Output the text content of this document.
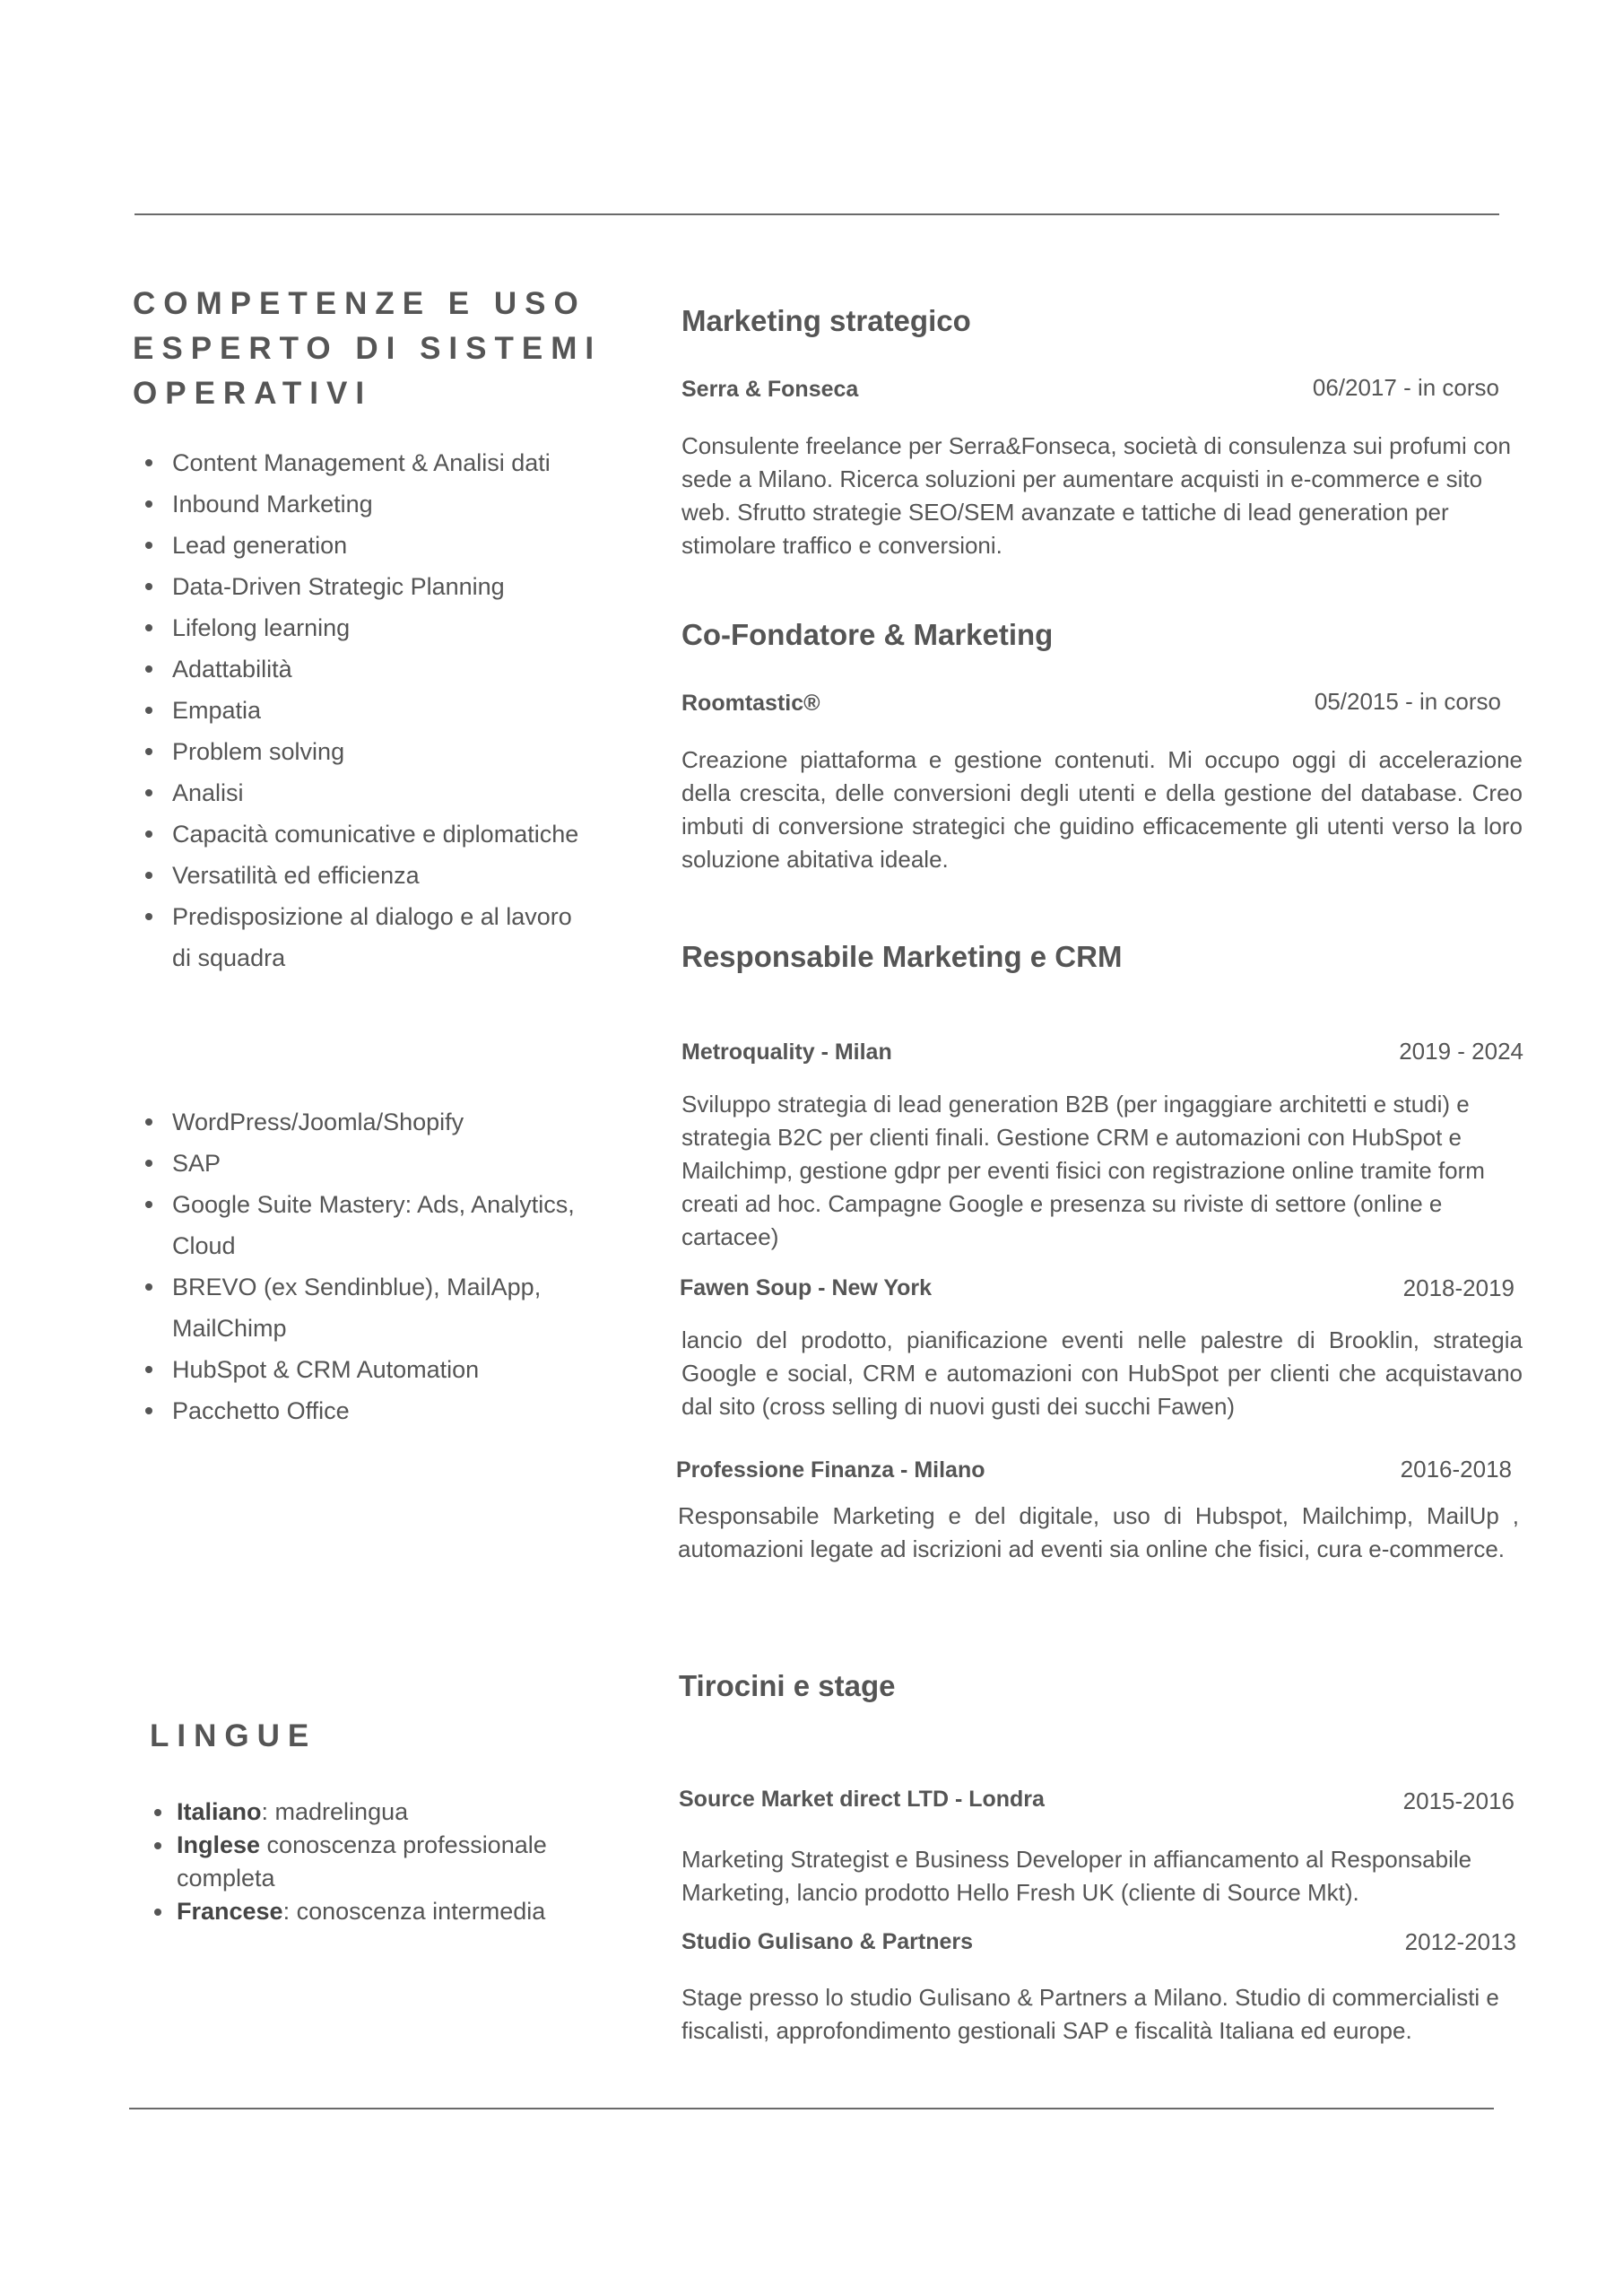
COMPETENZE E USO ESPERTO DI SISTEMI OPERATIVI
Content Management & Analisi dati
Inbound Marketing
Lead generation
Data-Driven Strategic Planning
Lifelong learning
Adattabilità
Empatia
Problem solving
Analisi
Capacità comunicative e diplomatiche
Versatilità ed efficienza
Predisposizione al dialogo e al lavoro di squadra
WordPress/Joomla/Shopify
SAP
Google Suite Mastery: Ads, Analytics, Cloud
BREVO (ex Sendinblue), MailApp, MailChimp
HubSpot & CRM Automation
Pacchetto Office
LINGUE
Italiano: madrelingua
Inglese conoscenza professionale completa
Francese: conoscenza intermedia
Marketing strategico

Serra & Fonseca	06/2017 - in corso

Consulente freelance per Serra&Fonseca, società di consulenza sui profumi con sede a Milano. Ricerca soluzioni per aumentare acquisti in e-commerce e sito web. Sfrutto strategie SEO/SEM avanzate e tattiche di lead generation per stimolare traffico e conversioni.

Co-Fondatore & Marketing

Roomtastic®	05/2015 - in corso

Creazione piattaforma e gestione contenuti. Mi occupo oggi di accelerazione della crescita, delle conversioni degli utenti e della gestione del database. Creo imbuti di conversione strategici che guidino efficacemente gli utenti verso la loro soluzione abitativa ideale.

Responsabile Marketing e CRM

Metroquality - Milan	2019 - 2024

Sviluppo strategia di lead generation B2B (per ingaggiare architetti e studi) e strategia B2C per clienti finali. Gestione CRM e automazioni con HubSpot e Mailchimp, gestione gdpr per eventi fisici con registrazione online tramite form creati ad hoc. Campagne Google e presenza su riviste di settore (online e cartacee)

Fawen Soup - New York	2018-2019

lancio del prodotto, pianificazione eventi nelle palestre di Brooklin, strategia Google e social, CRM e automazioni con HubSpot per clienti che acquistavano dal sito (cross selling di nuovi gusti dei succhi Fawen)

Professione Finanza - Milano	2016-2018

Responsabile Marketing e del digitale, uso di Hubspot, Mailchimp, MailUp , automazioni legate ad iscrizioni ad eventi sia online che fisici, cura e-commerce.

Tirocini e stage

Source Market direct LTD - Londra	2015-2016

Marketing Strategist e Business Developer in affiancamento al Responsabile Marketing, lancio prodotto Hello Fresh UK (cliente di Source Mkt).

Studio Gulisano & Partners	2012-2013

Stage presso lo studio Gulisano & Partners a Milano. Studio di commercialisti e fiscalisti, approfondimento gestionali SAP e fiscalità Italiana ed europe.
